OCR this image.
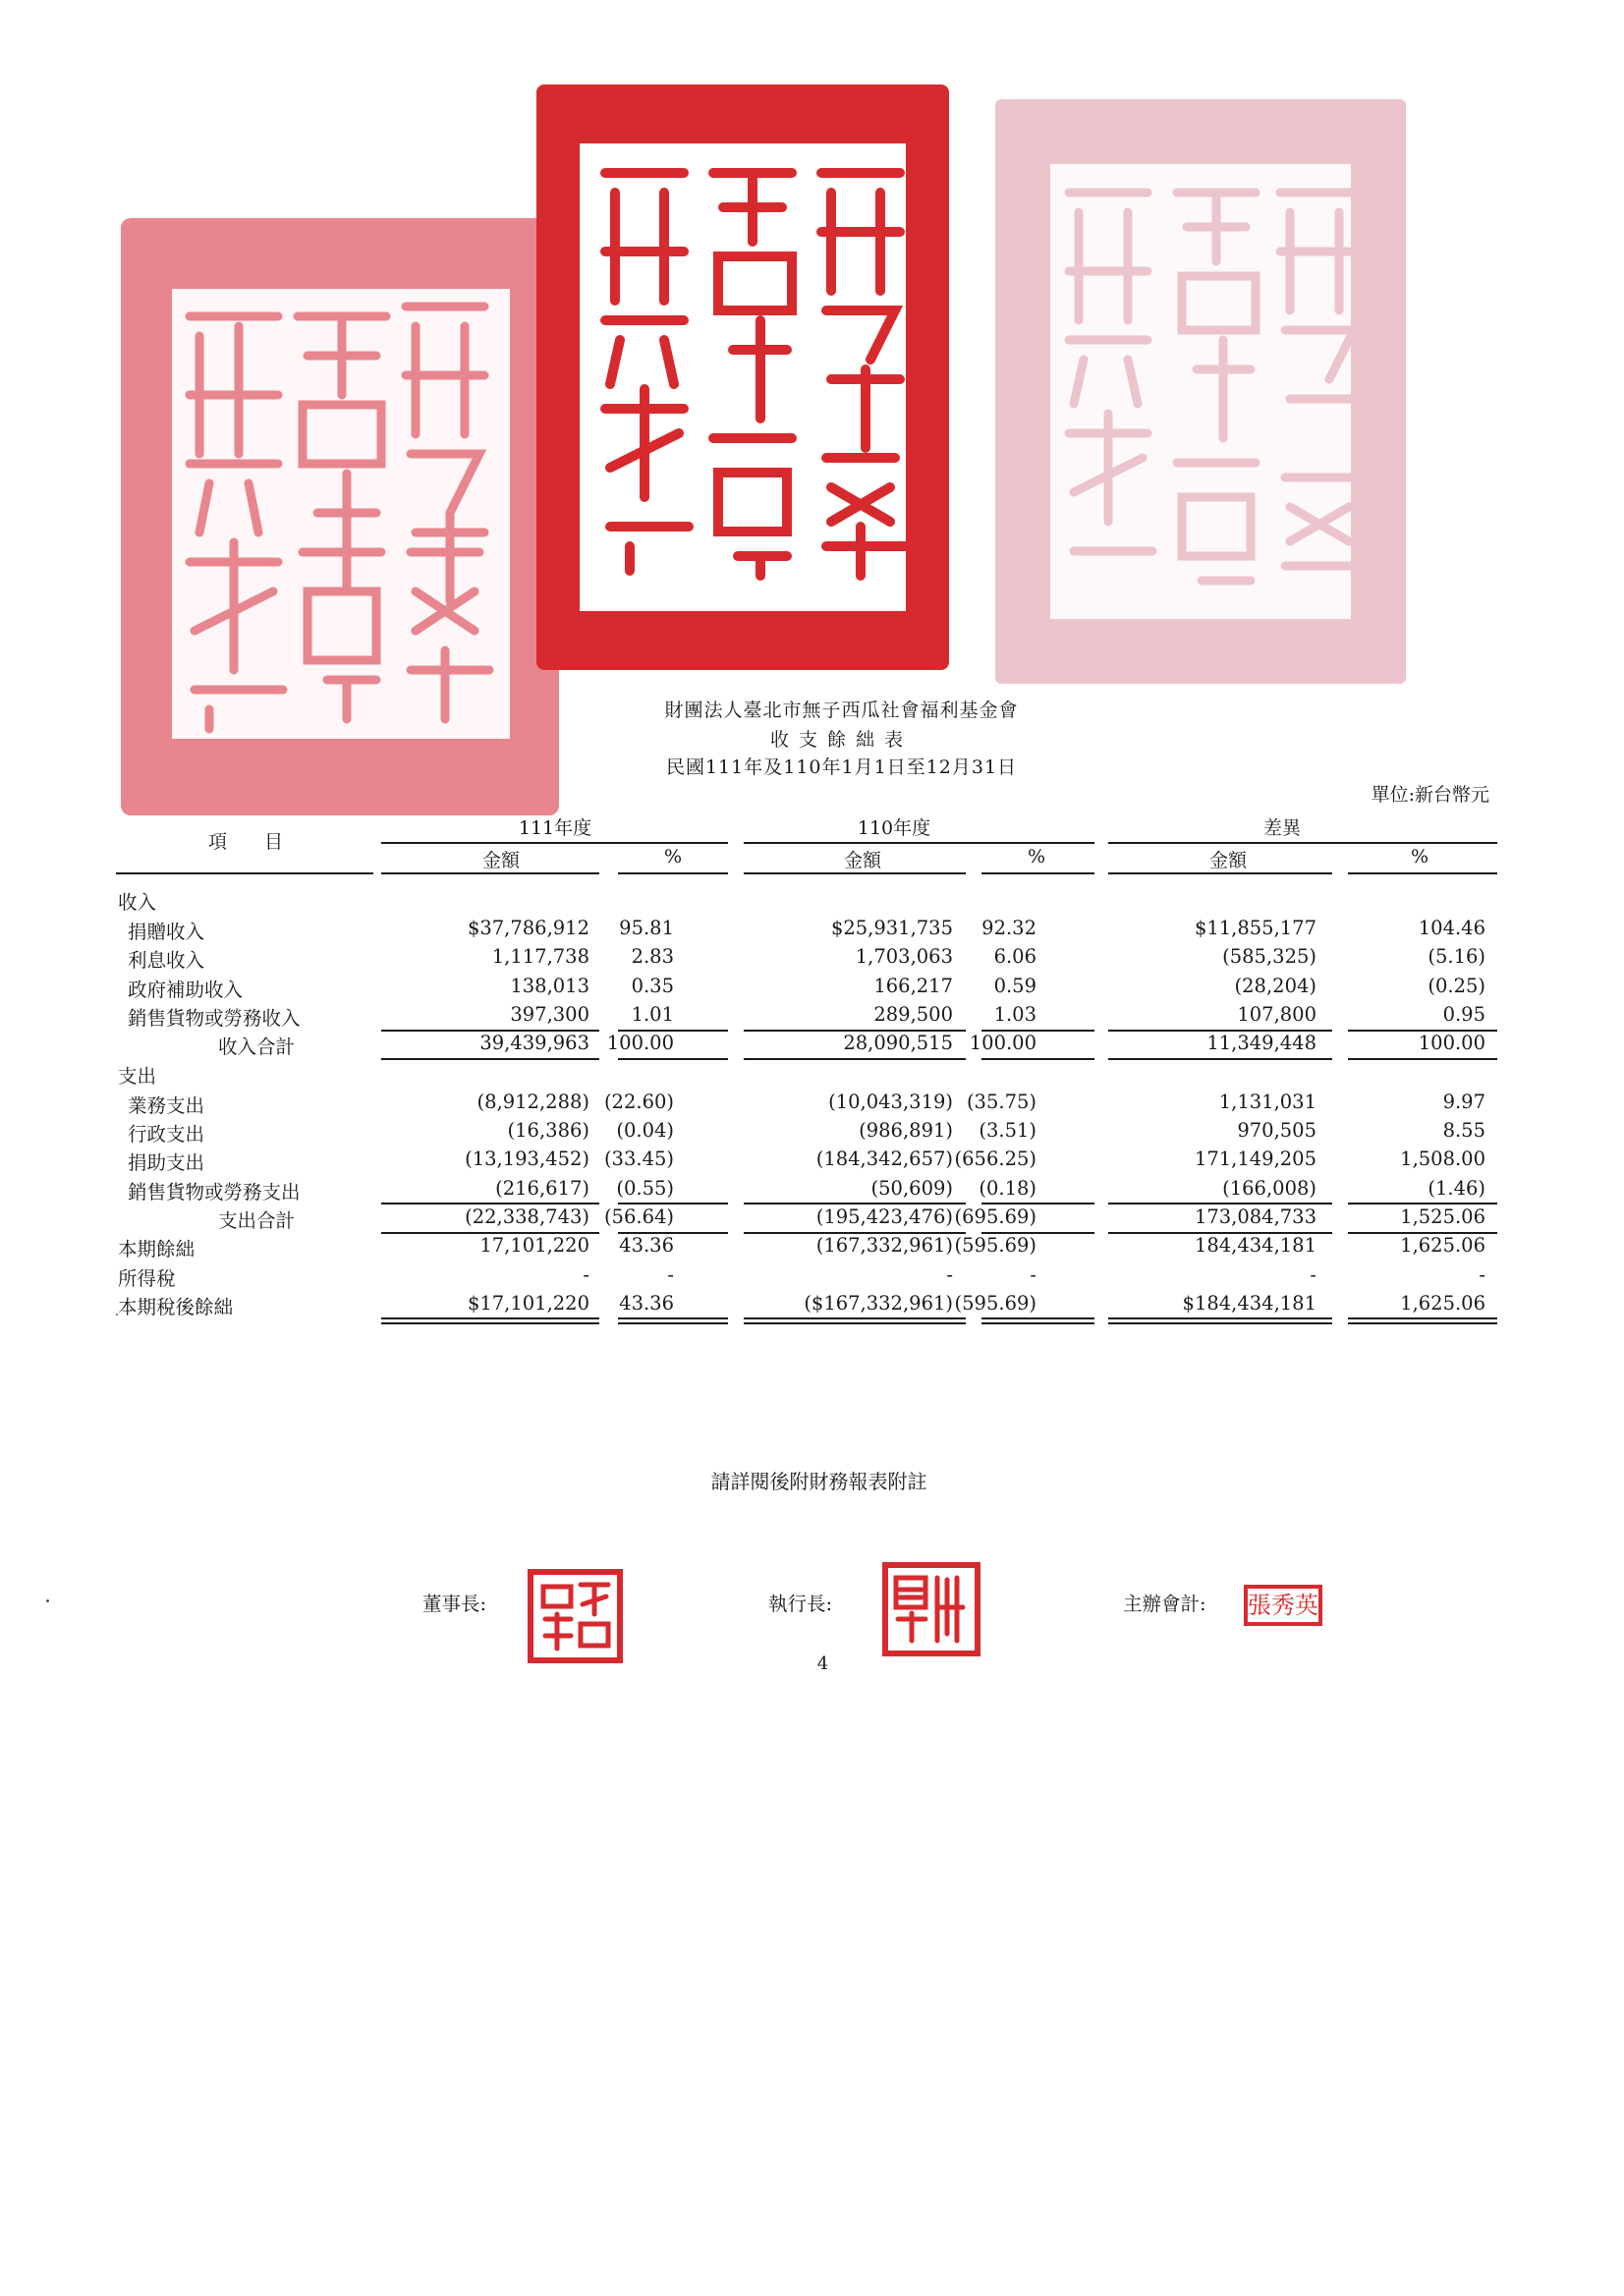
財團法人臺北市無子西瓜社會福利基金會
收支餘絀表
民國111年及110年1月1日至12月31日
單位:新台幣元
項　　目
111年度	110年度	差異
金額	%	金額	%	金額	%
收入
捐贈收入	$37,786,912 95.81	$25,931,735 92.32	$11,855,177	104.46
利息收入	1,117,738 2.83	1,703,063 6.06	(585,325)	(5.16)
政府補助收入	138,013 0.35	166,217 0.59	(28,204)	(0.25)
銷售貨物或勞務收入	397,300 1.01	289,500 1.03	107,800	0.95
收入合計	39,439,963 100.00	28,090,515 100.00	11,349,448	100.00
支出
業務支出	(8,912,288) (22.60)	(10,043,319) (35.75)	1,131,031	9.97
行政支出	(16,386) (0.04)	(986,891) (3.51)	970,505	8.55
捐助支出	(13,193,452) (33.45)	(184,342,657) (656.25)	171,149,205	1,508.00
銷售貨物或勞務支出	(216,617) (0.55)	(50,609) (0.18)	(166,008)	(1.46)
支出合計	(22,338,743) (56.64)	(195,423,476) (695.69)	173,084,733	1,525.06
本期餘絀	17,101,220 43.36	(167,332,961) (595.69)	184,434,181	1,625.06
所得稅	-	-	-	-	-	-
本期稅後餘絀	$17,101,220 43.36	($167,332,961) (595.69)	$184,434,181	1,625.06
請詳閱後附財務報表附註
董事長:	執行長:	主辦會計: 張秀英
4
